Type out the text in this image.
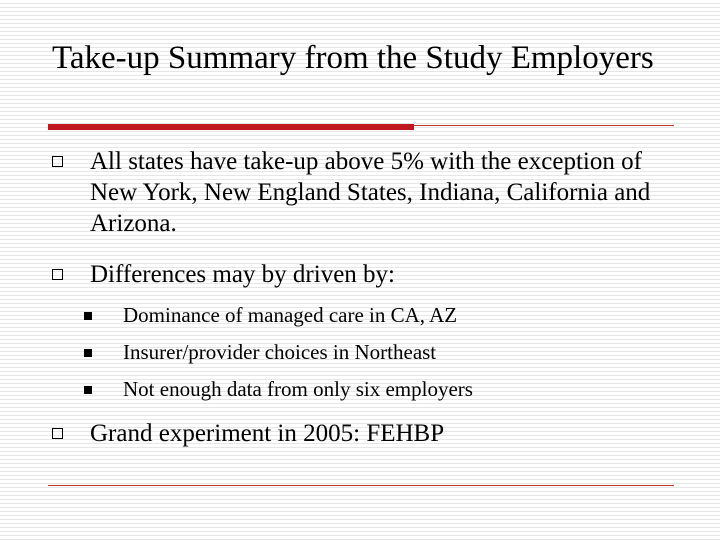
Take-up Summary from the Study Employers
All states have take-up above 5% with the exception of New York, New England States, Indiana, California and Arizona.
Differences may by driven by:
Dominance of managed care in CA, AZ
Insurer/provider choices in Northeast
Not enough data from only six employers
Grand experiment in 2005: FEHBP
